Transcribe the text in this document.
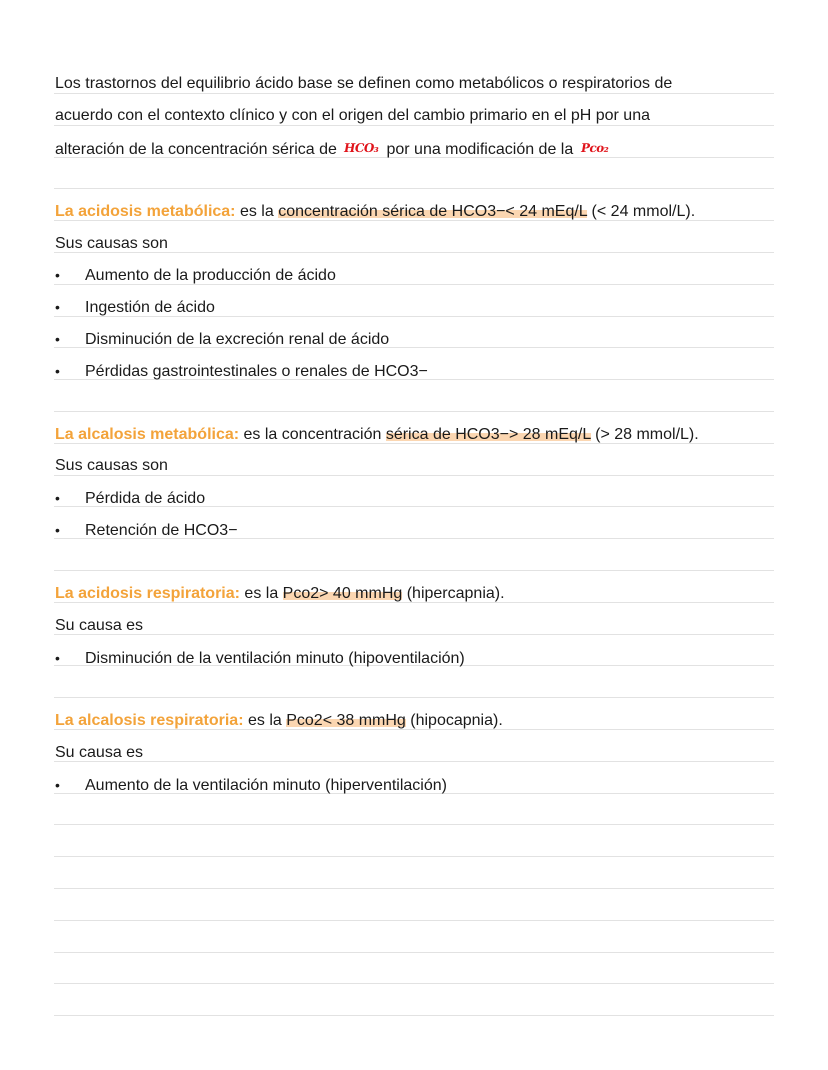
Los trastornos del equilibrio ácido base se definen como metabólicos o respiratorios de
acuerdo con el contexto clínico y con el origen del cambio primario en el pH por una
alteración de la concentración sérica de HCO₃ por una modificación de la Pco₂
La acidosis metabólica: es la concentración sérica de HCO3−< 24 mEq/L (< 24 mmol/L).
Sus causas son
• Aumento de la producción de ácido
• Ingestión de ácido
• Disminución de la excreción renal de ácido
• Pérdidas gastrointestinales o renales de HCO3−
La alcalosis metabólica: es la concentración sérica de HCO3−> 28 mEq/L (> 28 mmol/L).
Sus causas son
• Pérdida de ácido
• Retención de HCO3−
La acidosis respiratoria: es la Pco2> 40 mmHg (hipercapnia).
Su causa es
• Disminución de la ventilación minuto (hipoventilación)
La alcalosis respiratoria: es la Pco2< 38 mmHg (hipocapnia).
Su causa es
• Aumento de la ventilación minuto (hiperventilación)
